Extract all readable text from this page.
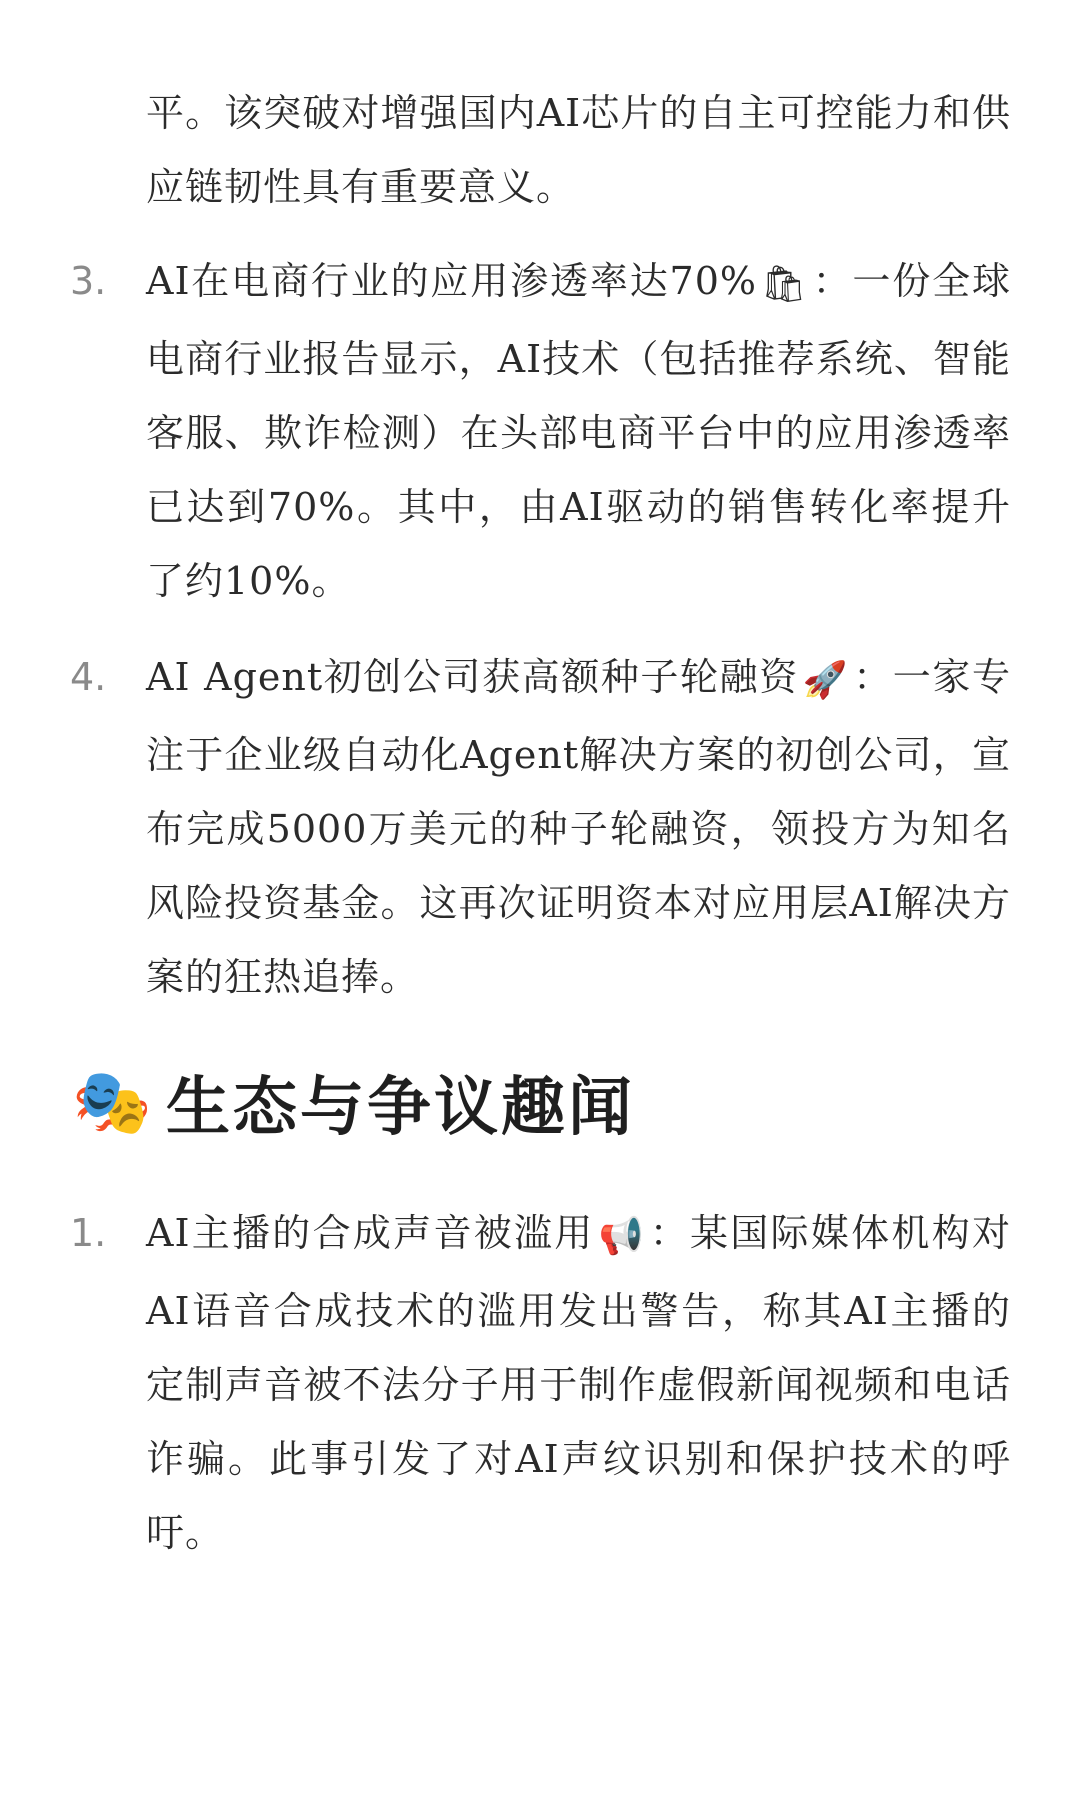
平。该突破对增强国内AI芯片的自主可控能力和供应链韧性具有重要意义。
3.	AI在电商行业的应用渗透率达70% 🛍 ：一份全球电商行业报告显示，AI技术（包括推荐系统、智能客服、欺诈检测）在头部电商平台中的应用渗透率已达到70%。其中，由AI驱动的销售转化率提升了约10%。
4.	AI Agent初创公司获高额种子轮融资 🚀 ：一家专注于企业级自动化Agent解决方案的初创公司，宣布完成5000万美元的种子轮融资，领投方为知名风险投资基金。这再次证明资本对应用层AI解决方案的狂热追捧。
🎭 生态与争议趣闻
1.	AI主播的合成声音被滥用 📢 ：某国际媒体机构对AI语音合成技术的滥用发出警告，称其AI主播的定制声音被不法分子用于制作虚假新闻视频和电话诈骗。此事引发了对AI声纹识别和保护技术的呼吁。
